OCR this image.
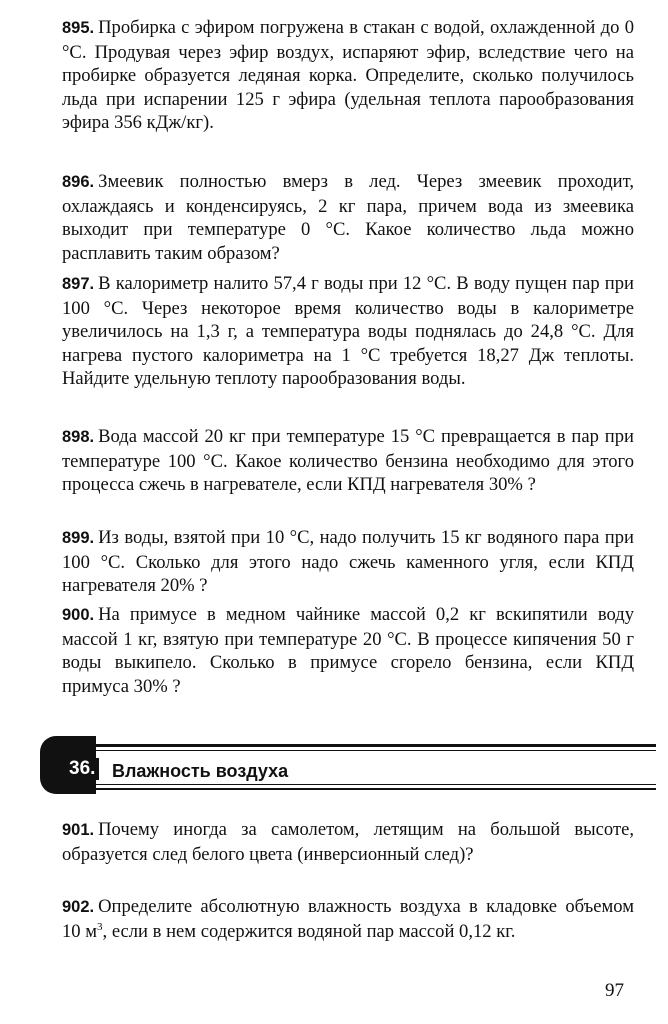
895. Пробирка с эфиром погружена в стакан с водой, охлажденной до 0 °С. Продувая через эфир воздух, испаряют эфир, вследствие чего на пробирке образуется ледяная корка. Определите, сколько получилось льда при испарении 125 г эфира (удельная теплота парообразования эфира 356 кДж/кг).

896. Змеевик полностью вмерз в лед. Через змеевик проходит, охлаждаясь и конденсируясь, 2 кг пара, причем вода из змеевика выходит при температуре 0 °С. Какое количество льда можно расплавить таким образом?

897. В калориметр налито 57,4 г воды при 12 °С. В воду пущен пар при 100 °С. Через некоторое время количество воды в калориметре увеличилось на 1,3 г, а температура воды поднялась до 24,8 °С. Для нагрева пустого калориметра на 1 °С требуется 18,27 Дж теплоты. Найдите удельную теплоту парообразования воды.

898. Вода массой 20 кг при температуре 15 °С превращается в пар при температуре 100 °С. Какое количество бензина необходимо для этого процесса сжечь в нагревателе, если КПД нагревателя 30% ?

899. Из воды, взятой при 10 °С, надо получить 15 кг водяного пара при 100 °С. Сколько для этого надо сжечь каменного угля, если КПД нагревателя 20% ?

900. На примусе в медном чайнике массой 0,2 кг вскипятили воду массой 1 кг, взятую при температуре 20 °С. В процессе кипячения 50 г воды выкипело. Сколько в примусе сгорело бензина, если КПД примуса 30% ?

36. Влажность воздуха

901. Почему иногда за самолетом, летящим на большой высоте, образуется след белого цвета (инверсионный след)?

902. Определите абсолютную влажность воздуха в кладовке объемом 10 $м^3$, если в нем содержится водяной пар массой 0,12 кг.

97
